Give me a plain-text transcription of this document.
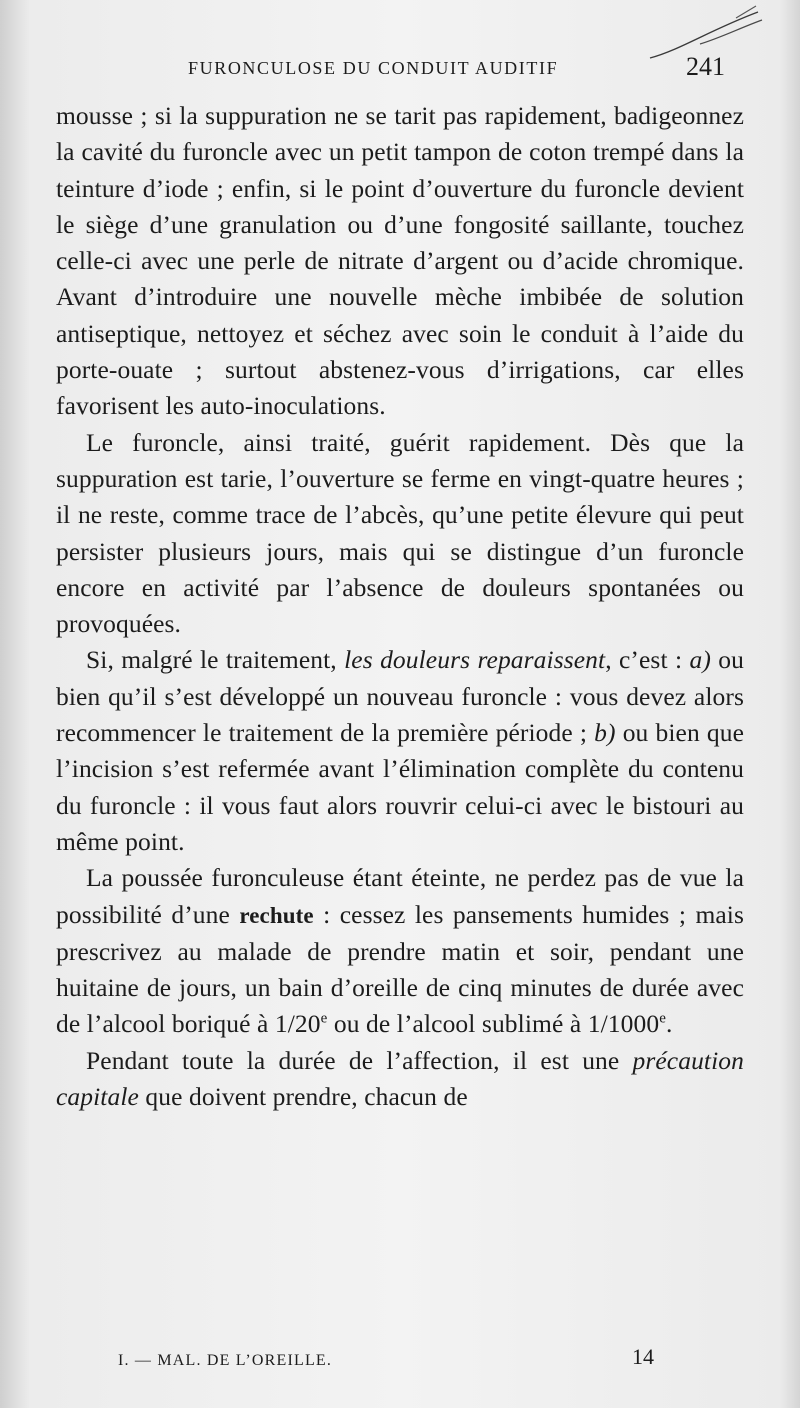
FURONCULOSE DU CONDUIT AUDITIF	241

mousse ; si la suppuration ne se tarit pas rapidement, badigeonnez la cavité du furoncle avec un petit tampon de coton trempé dans la teinture d’iode ; enfin, si le point d’ouverture du furoncle devient le siège d’une granulation ou d’une fongosité saillante, touchez celle-ci avec une perle de nitrate d’argent ou d’acide chromique. Avant d’introduire une nouvelle mèche imbibée de solution antiseptique, nettoyez et séchez avec soin le conduit à l’aide du porte-ouate ; surtout abstenez-vous d’irrigations, car elles favorisent les auto-inoculations.

Le furoncle, ainsi traité, guérit rapidement. Dès que la suppuration est tarie, l’ouverture se ferme en vingt-quatre heures ; il ne reste, comme trace de l’abcès, qu’une petite élevure qui peut persister plusieurs jours, mais qui se distingue d’un furoncle encore en activité par l’absence de douleurs spontanées ou provoquées.

Si, malgré le traitement, les douleurs reparaissent, c’est : a) ou bien qu’il s’est développé un nouveau furoncle : vous devez alors recommencer le traitement de la première période ; b) ou bien que l’incision s’est refermée avant l’élimination complète du contenu du furoncle : il vous faut alors rouvrir celui-ci avec le bistouri au même point.

La poussée furonculeuse étant éteinte, ne perdez pas de vue la possibilité d’une rechute : cessez les pansements humides ; mais prescrivez au malade de prendre matin et soir, pendant une huitaine de jours, un bain d’oreille de cinq minutes de durée avec de l’alcool boriqué à 1/20e ou de l’alcool sublimé à 1/1000e.

Pendant toute la durée de l’affection, il est une précaution capitale que doivent prendre, chacun de

I. — MAL. DE L’OREILLE.	14
